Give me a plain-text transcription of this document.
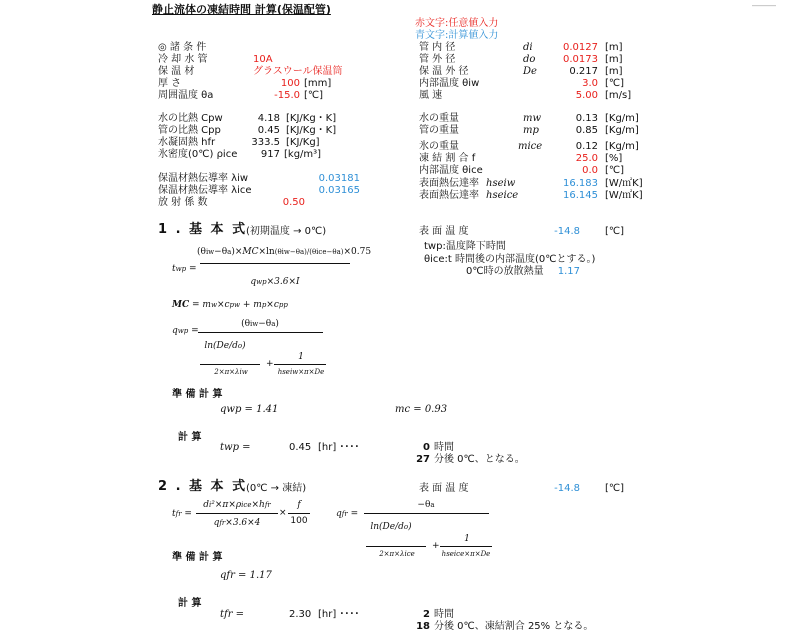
静止流体の凍結時間 計算(保温配管)	―――
赤文字:任意値入力
青文字:計算値入力
◎ 諸 条 件
冷 却 水 管	10A
保 温 材	グラスウール保温筒
厚 さ	100 [mm]
周囲温度 θa	-15.0 [℃]
水の比熱 Cpw	4.18 [KJ/Kg・K]
管の比熱 Cpp	0.45 [KJ/Kg・K]
水凝固熱 hfr	333.5 [KJ/Kg]
氷密度(0℃) ρice	917 [kg/m³]
保温材熱伝導率 λiw	0.03181
保温材熱伝導率 λice	0.03165
放 射 係 数	0.50
管 内 径	di	0.0127 [m]
管 外 径	do	0.0173 [m]
保 温 外 径	De	0.217 [m]
内部温度 θiw	3.0 [℃]
風 速	5.00 [m/s]
水の重量	mw	0.13 [Kg/m]
管の重量	mp	0.85 [Kg/m]
氷の重量	mice	0.12 [Kg/m]
凍 結 割 合 f	25.0 [%]
内部温度 θice	0.0 [℃]
表面熱伝達率 hseiw	16.183 [W/㎡K]
表面熱伝達率 hseice	16.145 [W/㎡K]
1 . 基 本 式
(初期温度 → 0℃)	表 面 温 度	-14.8	[℃]
twp:温度降下時間
θice:t 時間後の内部温度(0℃とする。)
0℃時の放散熱量	1.17
twp =
(θiw−θa)×MC×ln(θiw−θa)/(θice−θa)×0.75
qwp×3.6×I
MC = mw×cpw + mp×cpp
qwp =
(θiw−θa)
ln(De/do)
2×π×λiw
+
1
hseiw×π×De
準 備 計 算
qwp = 1.41	mc = 0.93
計 算
twp =	0.45 [hr] ････	0 時間
27 分後 0℃、となる。
2 . 基 本 式
(0℃ → 凍結)	表 面 温 度	-14.8	[℃]
tfr =
di²×π×ρice×hfr
qfr×3.6×4
×
f
100
qfr =
−θa
ln(De/do)
2×π×λice
+
1
hseice×π×De
準 備 計 算
qfr = 1.17
計 算
tfr =	2.30 [hr] ････	2 時間
18 分後 0℃、凍結割合 25% となる。
